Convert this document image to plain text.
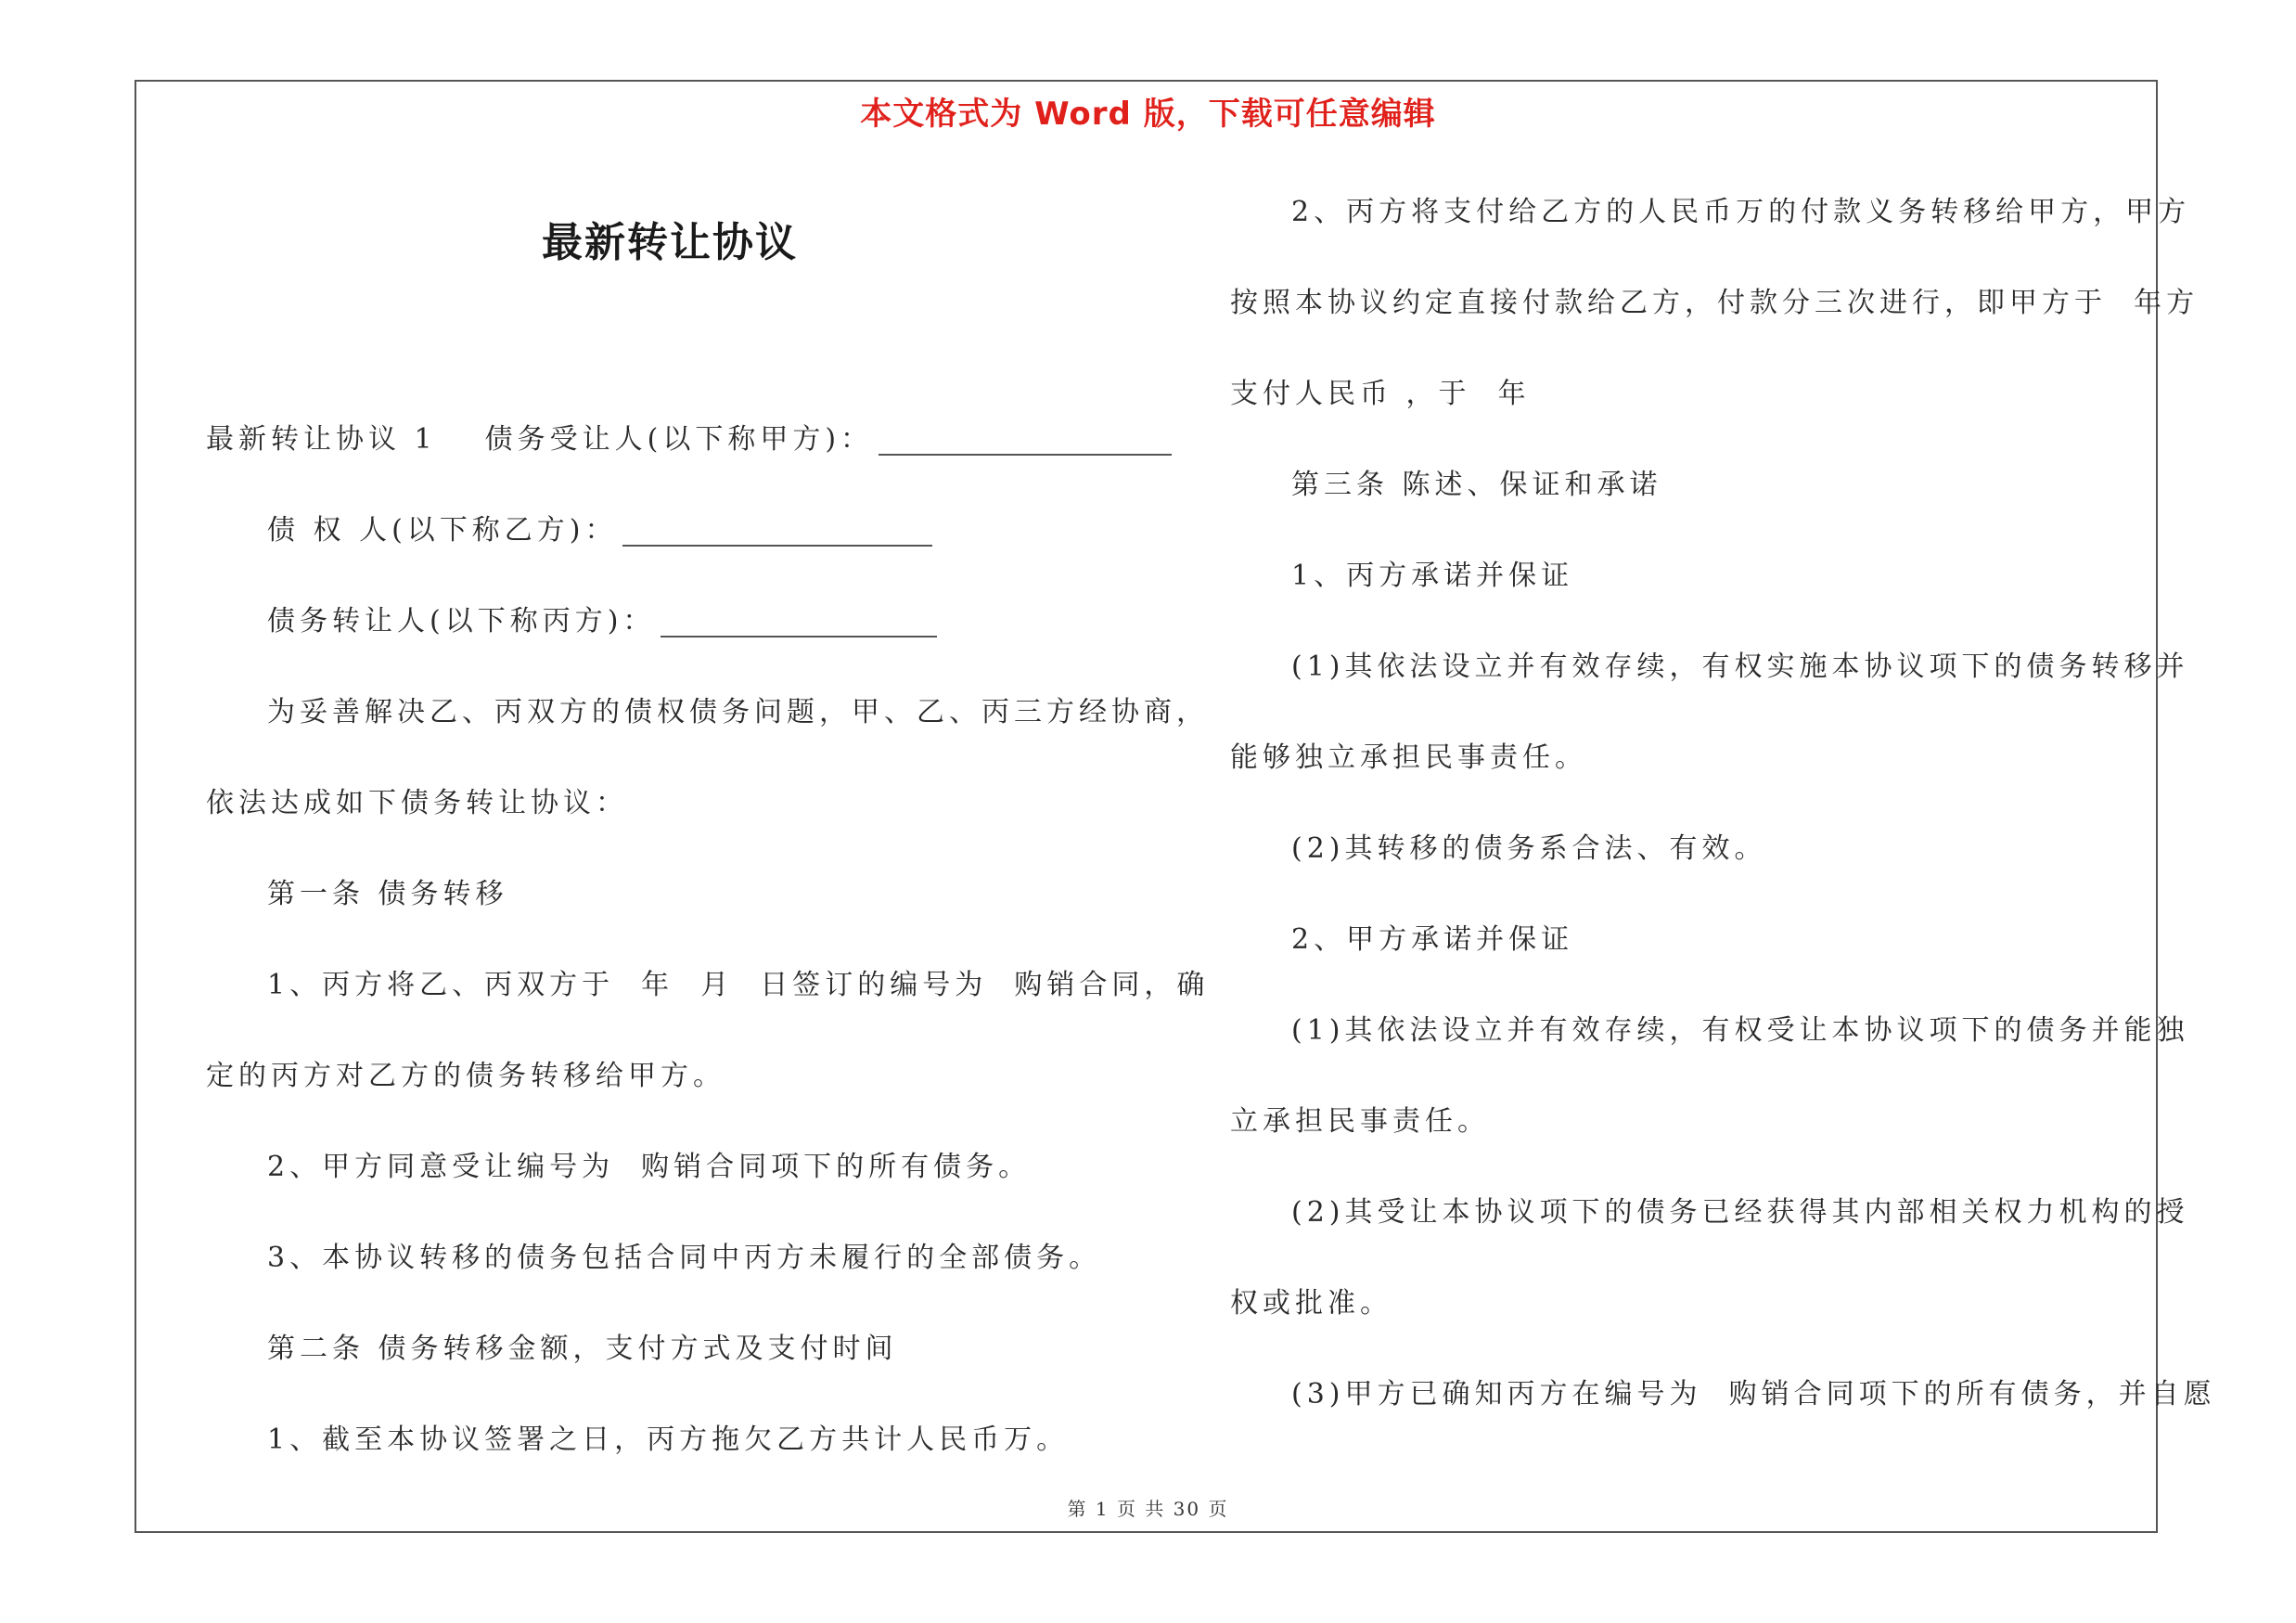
本文格式为 Word 版，下载可任意编辑
最新转让协议

最新转让协议 1 债务受让人(以下称甲方)：

债 权 人(以下称乙方)：

债务转让人(以下称丙方)：

为妥善解决乙、丙双方的债权债务问题，甲、乙、丙三方经协商，

依法达成如下债务转让协议：

第一条 债务转移

1、丙方将乙、丙双方于  年  月  日签订的编号为  购销合同，确

定的丙方对乙方的债务转移给甲方。

2、甲方同意受让编号为  购销合同项下的所有债务。

3、本协议转移的债务包括合同中丙方未履行的全部债务。

第二条 债务转移金额，支付方式及支付时间

1、截至本协议签署之日，丙方拖欠乙方共计人民币万。

2、丙方将支付给乙方的人民币万的付款义务转移给甲方，甲方

按照本协议约定直接付款给乙方，付款分三次进行，即甲方于  年方

支付人民币 ，于  年

第三条 陈述、保证和承诺

1、丙方承诺并保证

(1)其依法设立并有效存续，有权实施本协议项下的债务转移并

能够独立承担民事责任。

(2)其转移的债务系合法、有效。

2、甲方承诺并保证

(1)其依法设立并有效存续，有权受让本协议项下的债务并能独

立承担民事责任。

(2)其受让本协议项下的债务已经获得其内部相关权力机构的授

权或批准。

(3)甲方已确知丙方在编号为  购销合同项下的所有债务，并自愿

第 1 页 共 30 页
